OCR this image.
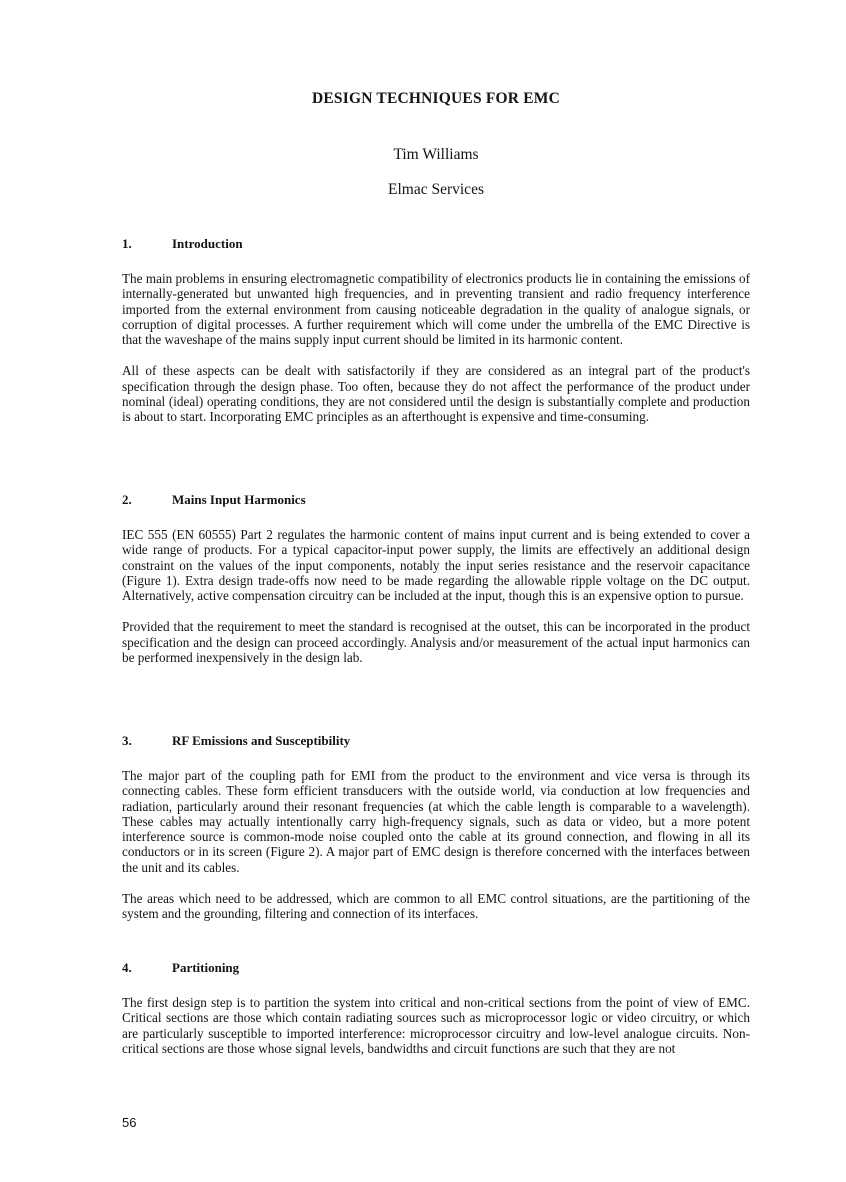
DESIGN TECHNIQUES FOR EMC

Tim Williams

Elmac Services

1.	Introduction

The main problems in ensuring electromagnetic compatibility of electronics products lie in containing the emissions of internally-generated but unwanted high frequencies, and in preventing transient and radio frequency interference imported from the external environment from causing noticeable degradation in the quality of analogue signals, or corruption of digital processes. A further requirement which will come under the umbrella of the EMC Directive is that the waveshape of the mains supply input current should be limited in its harmonic content.

All of these aspects can be dealt with satisfactorily if they are considered as an integral part of the product's specification through the design phase. Too often, because they do not affect the performance of the product under nominal (ideal) operating conditions, they are not considered until the design is substantially complete and production is about to start. Incorporating EMC principles as an afterthought is expensive and time-consuming.

2.	Mains Input Harmonics

IEC 555 (EN 60555) Part 2 regulates the harmonic content of mains input current and is being extended to cover a wide range of products. For a typical capacitor-input power supply, the limits are effectively an additional design constraint on the values of the input components, notably the input series resistance and the reservoir capacitance (Figure 1). Extra design trade-offs now need to be made regarding the allowable ripple voltage on the DC output. Alternatively, active compensation circuitry can be included at the input, though this is an expensive option to pursue.

Provided that the requirement to meet the standard is recognised at the outset, this can be incorporated in the product specification and the design can proceed accordingly. Analysis and/or measurement of the actual input harmonics can be performed inexpensively in the design lab.

3.	RF Emissions and Susceptibility

The major part of the coupling path for EMI from the product to the environment and vice versa is through its connecting cables. These form efficient transducers with the outside world, via conduction at low frequencies and radiation, particularly around their resonant frequencies (at which the cable length is comparable to a wavelength). These cables may actually intentionally carry high-frequency signals, such as data or video, but a more potent interference source is common-mode noise coupled onto the cable at its ground connection, and flowing in all its conductors or in its screen (Figure 2). A major part of EMC design is therefore concerned with the interfaces between the unit and its cables.

The areas which need to be addressed, which are common to all EMC control situations, are the partitioning of the system and the grounding, filtering and connection of its interfaces.

4.	Partitioning

The first design step is to partition the system into critical and non-critical sections from the point of view of EMC. Critical sections are those which contain radiating sources such as microprocessor logic or video circuitry, or which are particularly susceptible to imported interference: microprocessor circuitry and low-level analogue circuits. Non-critical sections are those whose signal levels, bandwidths and circuit functions are such that they are not

56
